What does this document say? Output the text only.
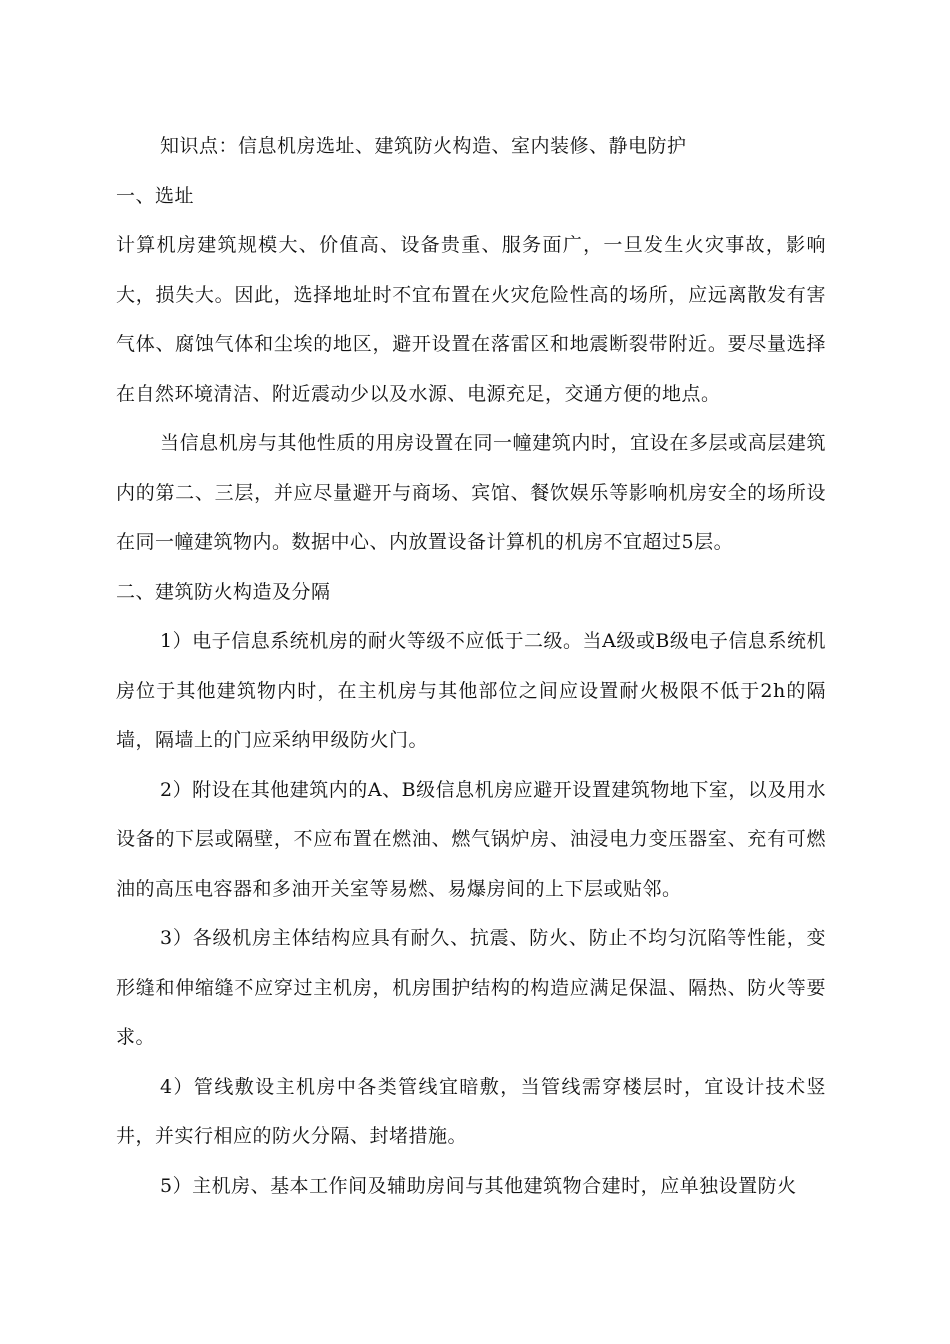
知识点：信息机房选址、建筑防火构造、室内装修、静电防护

一、选址

计算机房建筑规模大、价值高、设备贵重、服务面广，一旦发生火灾事故，影响大，损失大。因此，选择地址时不宜布置在火灾危险性高的场所，应远离散发有害气体、腐蚀气体和尘埃的地区，避开设置在落雷区和地震断裂带附近。要尽量选择在自然环境清洁、附近震动少以及水源、电源充足，交通方便的地点。

当信息机房与其他性质的用房设置在同一幢建筑内时，宜设在多层或高层建筑内的第二、三层，并应尽量避开与商场、宾馆、餐饮娱乐等影响机房安全的场所设在同一幢建筑物内。数据中心、内放置设备计算机的机房不宜超过5层。

二、建筑防火构造及分隔

1）电子信息系统机房的耐火等级不应低于二级。当A级或B级电子信息系统机房位于其他建筑物内时，在主机房与其他部位之间应设置耐火极限不低于2h的隔墙，隔墙上的门应采纳甲级防火门。

2）附设在其他建筑内的A、B级信息机房应避开设置建筑物地下室，以及用水设备的下层或隔壁，不应布置在燃油、燃气锅炉房、油浸电力变压器室、充有可燃油的高压电容器和多油开关室等易燃、易爆房间的上下层或贴邻。

3）各级机房主体结构应具有耐久、抗震、防火、防止不均匀沉陷等性能，变形缝和伸缩缝不应穿过主机房，机房围护结构的构造应满足保温、隔热、防火等要求。

4）管线敷设主机房中各类管线宜暗敷，当管线需穿楼层时，宜设计技术竖井，并实行相应的防火分隔、封堵措施。

5）主机房、基本工作间及辅助房间与其他建筑物合建时，应单独设置防火
